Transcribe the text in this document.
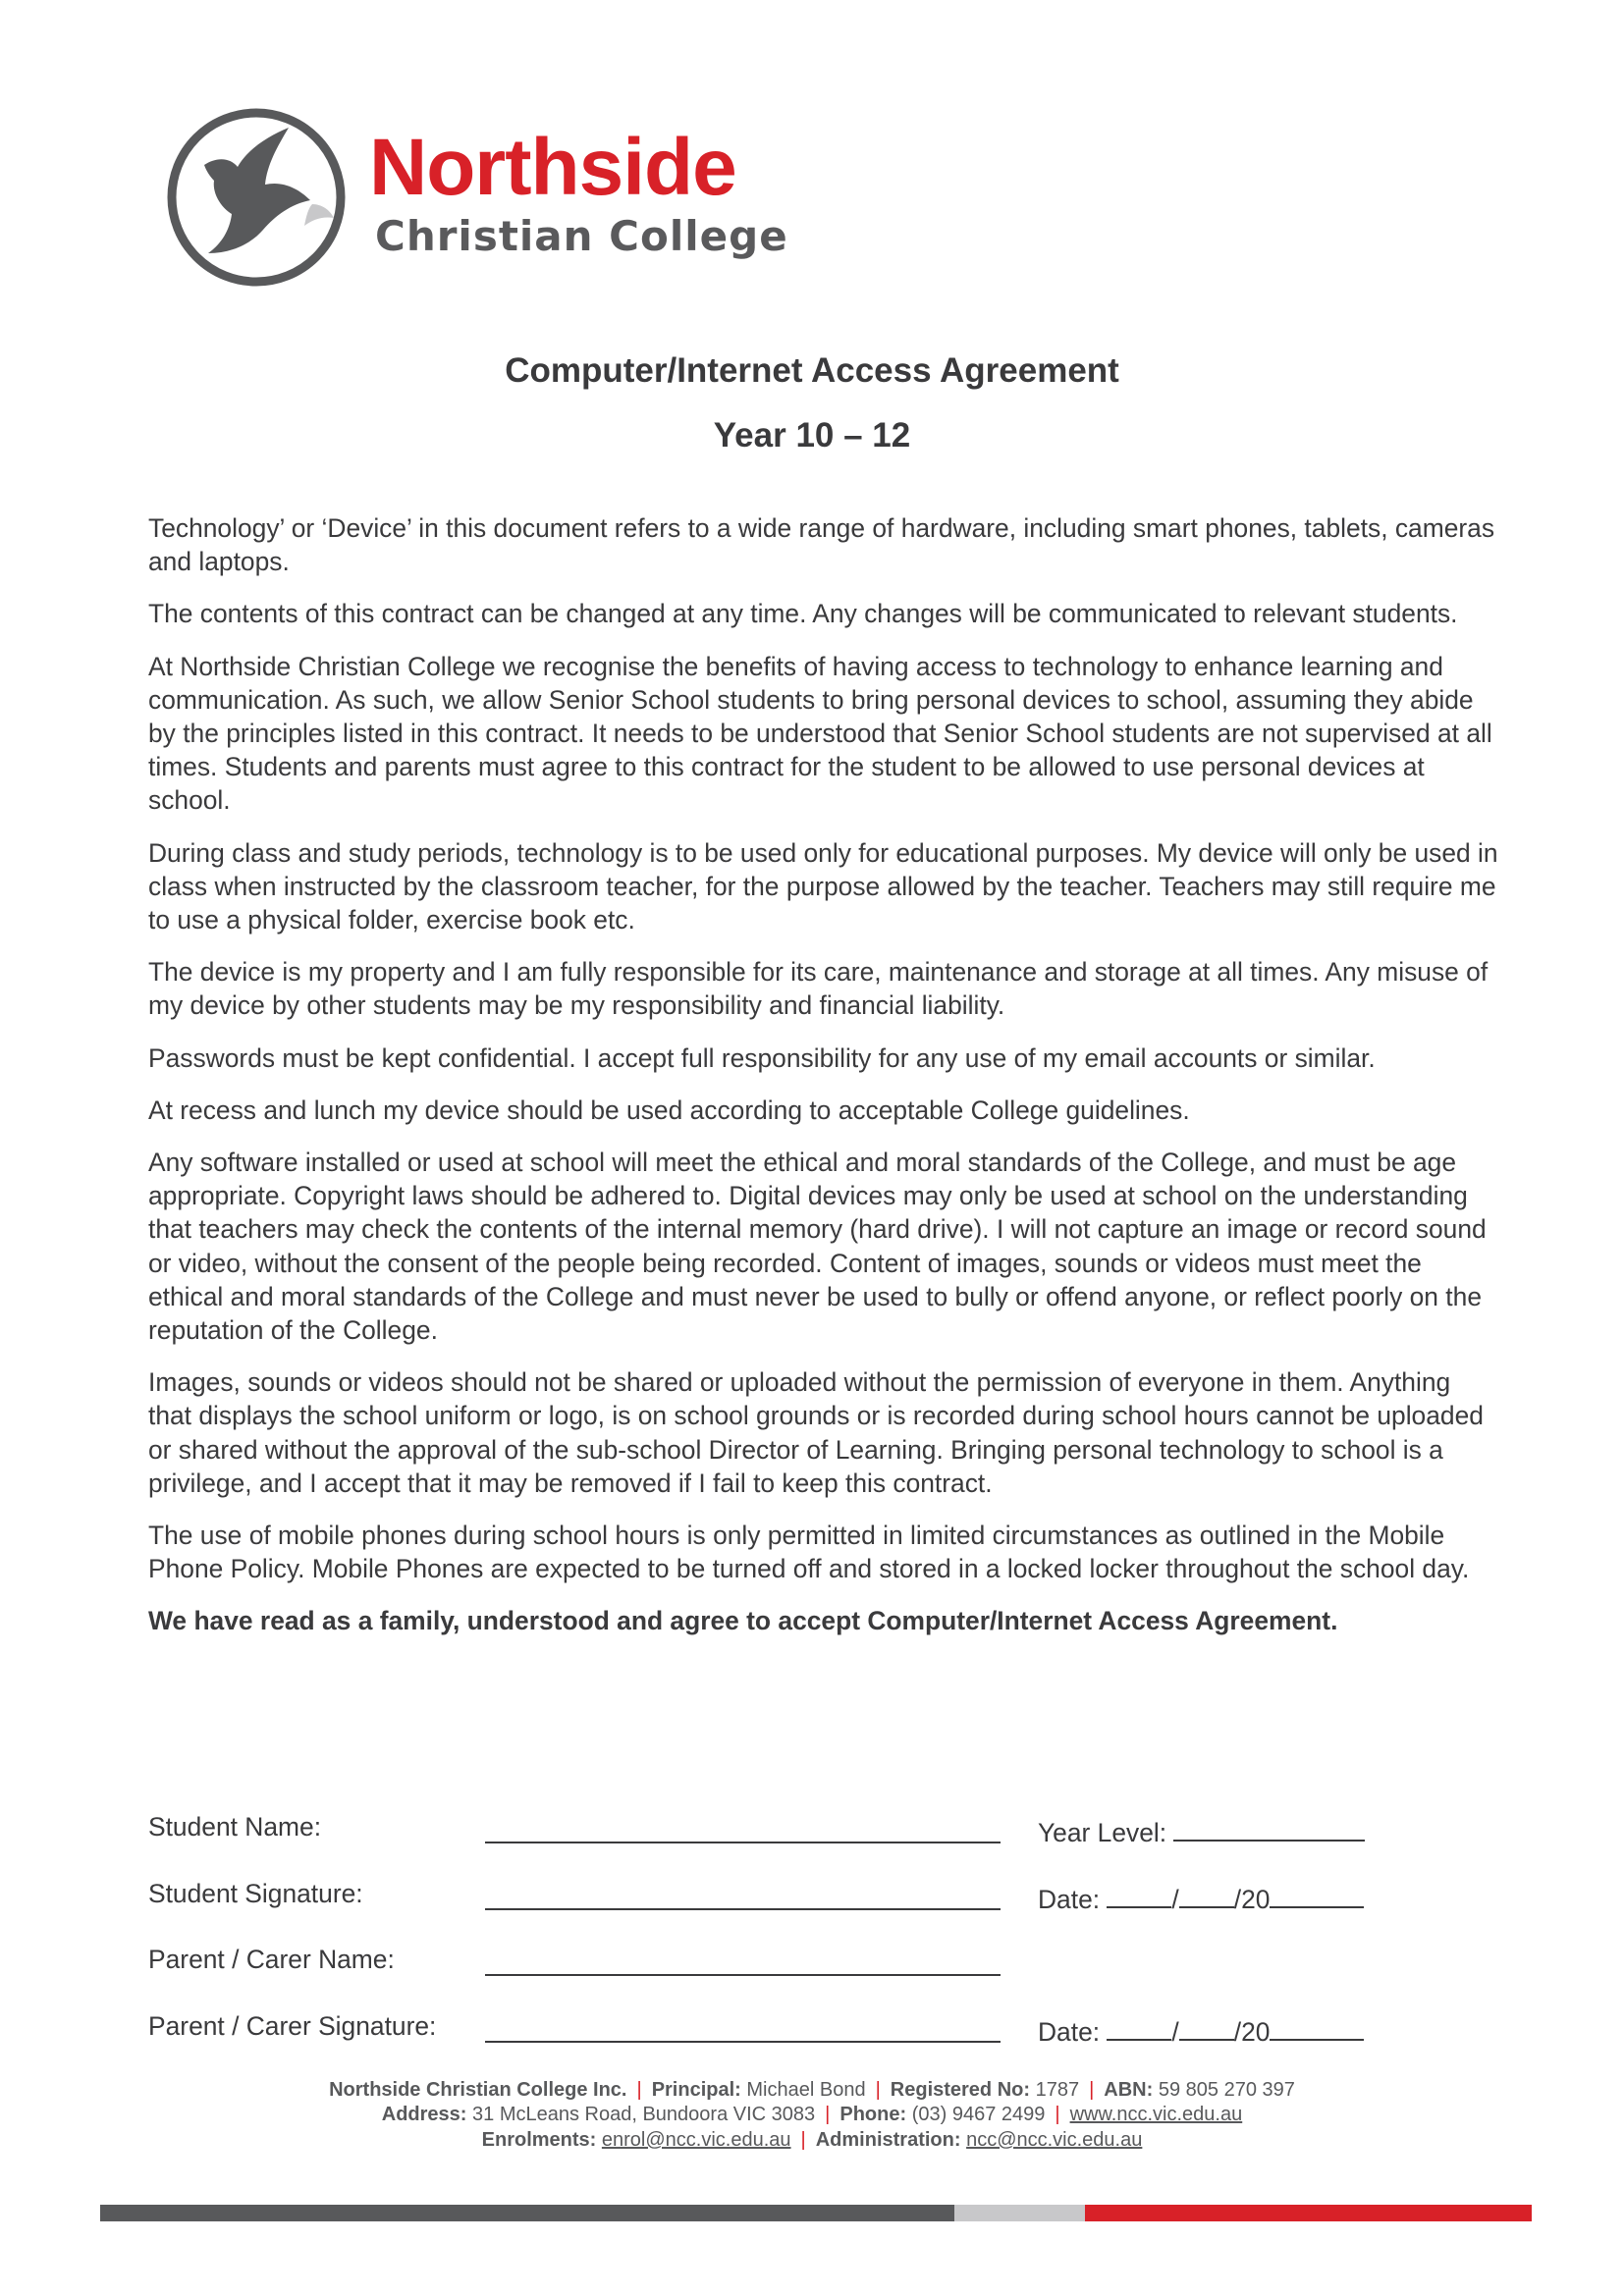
Northside
Christian College
Computer/Internet Access Agreement
Year 10 – 12

Technology’ or ‘Device’ in this document refers to a wide range of hardware, including smart phones, tablets, cameras and laptops.

The contents of this contract can be changed at any time. Any changes will be communicated to relevant students.

At Northside Christian College we recognise the benefits of having access to technology to enhance learning and communication. As such, we allow Senior School students to bring personal devices to school, assuming they abide by the principles listed in this contract. It needs to be understood that Senior School students are not supervised at all times. Students and parents must agree to this contract for the student to be allowed to use personal devices at school.

During class and study periods, technology is to be used only for educational purposes. My device will only be used in class when instructed by the classroom teacher, for the purpose allowed by the teacher. Teachers may still require me to use a physical folder, exercise book etc.

The device is my property and I am fully responsible for its care, maintenance and storage at all times. Any misuse of my device by other students may be my responsibility and financial liability.

Passwords must be kept confidential. I accept full responsibility for any use of my email accounts or similar.

At recess and lunch my device should be used according to acceptable College guidelines.

Any software installed or used at school will meet the ethical and moral standards of the College, and must be age appropriate. Copyright laws should be adhered to. Digital devices may only be used at school on the understanding that teachers may check the contents of the internal memory (hard drive). I will not capture an image or record sound or video, without the consent of the people being recorded. Content of images, sounds or videos must meet the ethical and moral standards of the College and must never be used to bully or offend anyone, or reflect poorly on the reputation of the College.

Images, sounds or videos should not be shared or uploaded without the permission of everyone in them. Anything that displays the school uniform or logo, is on school grounds or is recorded during school hours cannot be uploaded or shared without the approval of the sub-school Director of Learning. Bringing personal technology to school is a privilege, and I accept that it may be removed if I fail to keep this contract.

The use of mobile phones during school hours is only permitted in limited circumstances as outlined in the Mobile Phone Policy. Mobile Phones are expected to be turned off and stored in a locked locker throughout the school day.

We have read as a family, understood and agree to accept Computer/Internet Access Agreement.

Student Name:	Year Level:
Student Signature:	Date:	/ /20
Parent / Carer Name:
Parent / Carer Signature:	Date:	/ /20
Northside Christian College Inc. | Principal: Michael Bond | Registered No: 1787 | ABN: 59 805 270 397
Address: 31 McLeans Road, Bundoora VIC 3083 | Phone: (03) 9467 2499 | www.ncc.vic.edu.au
Enrolments: enrol@ncc.vic.edu.au | Administration: ncc@ncc.vic.edu.au
